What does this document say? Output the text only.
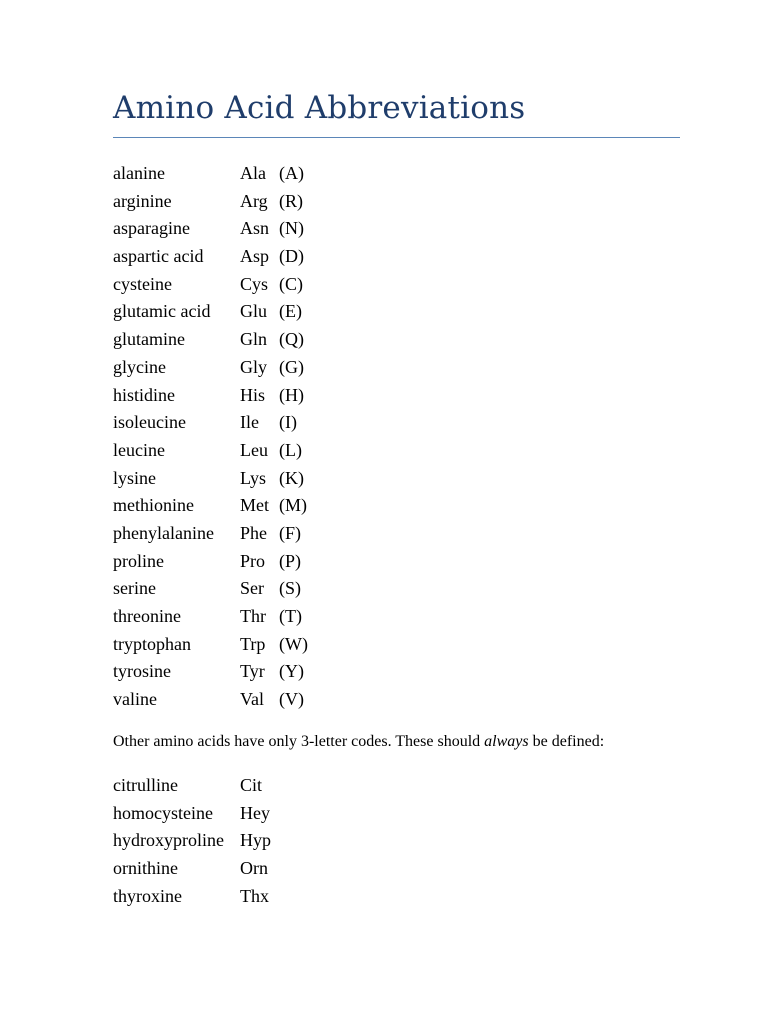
Amino Acid Abbreviations
alanine	Ala (A)
arginine	Arg (R)
asparagine	Asn (N)
aspartic acid Asp (D)
cysteine	Cys (C)
glutamic acid Glu (E)
glutamine	Gln (Q)
glycine	Gly (G)
histidine	His (H)
isoleucine	Ile (I)
leucine	Leu (L)
lysine	Lys (K)
methionine	Met (M)
phenylalanine Phe (F)
proline	Pro (P)
serine	Ser (S)
threonine	Thr (T)
tryptophan	Trp (W)
tyrosine	Tyr (Y)
valine	Val (V)
Other amino acids have only 3-letter codes. These should always be defined:
citrulline	Cit
homocysteine Hey
hydroxyproline Hyp
ornithine	Orn
thyroxine	Thx
